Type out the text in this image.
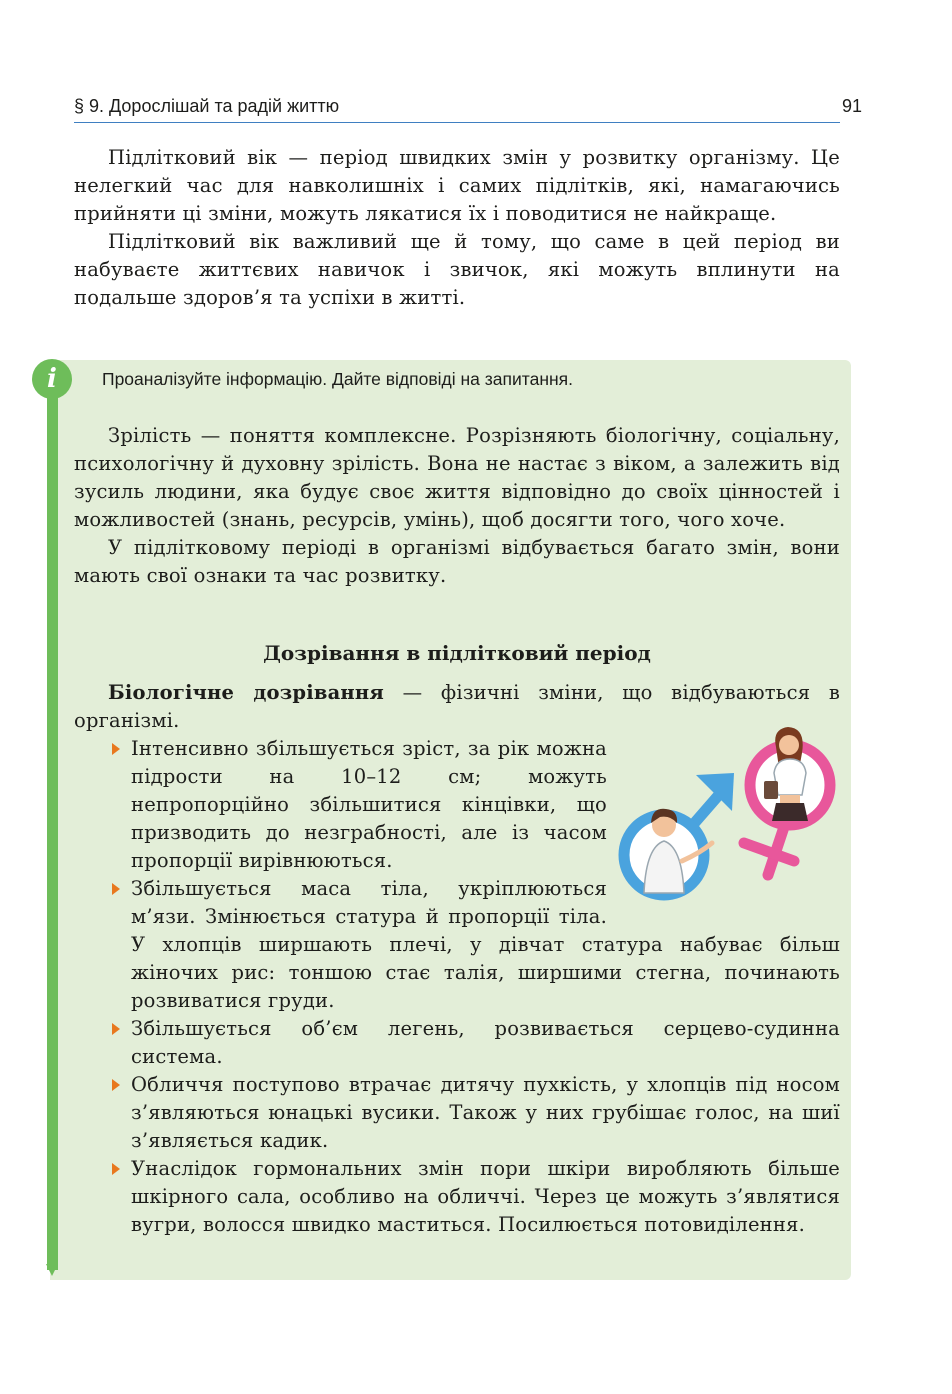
§ 9. Дорослішай та радій життю	91

Підлітковий вік — період швидких змін у розвитку організму. Це нелегкий час для навколишніх і самих підлітків, які, намагаючись прийняти ці зміни, можуть лякатися їх і поводитися не найкраще.

Підлітковий вік важливий ще й тому, що саме в цей період ви набуваєте життєвих навичок і звичок, які можуть вплинути на подальше здоров’я та успіхи в житті.

i	Проаналізуйте інформацію. Дайте відповіді на запитання.

Зрілість — поняття комплексне. Розрізняють біологічну, соціальну, психологічну й духовну зрілість. Вона не настає з віком, а залежить від зусиль людини, яка будує своє життя відповідно до своїх цінностей і можливостей (знань, ресурсів, умінь), щоб досягти того, чого хоче.

У підлітковому періоді в організмі відбувається багато змін, вони мають свої ознаки та час розвитку.

Дозрівання в підлітковий період

Біологічне дозрівання — фізичні зміни, що відбуваються в організмі.

Інтенсивно збільшується зріст, за рік можна підрости на 10–12 см; можуть непропорційно збільшитися кінцівки, що призводить до незграбності, але із часом пропорції вирівнюються.

Збільшується маса тіла, укріплюються м’язи. Змінюється статура й пропорції тіла. У хлопців ширшають плечі, у дівчат статура набуває більш жіночих рис: тоншою стає талія, ширшими стегна, починають розвиватися груди.

Збільшується об’єм легень, розвивається серцево-судинна система.

Обличчя поступово втрачає дитячу пухкість, у хлопців під носом з’являються юнацькі вусики. Також у них грубішає голос, на шиї з’являється кадик.

Унаслідок гормональних змін пори шкіри виробляють більше шкірного сала, особливо на обличчі. Через це можуть з’являтися вугри, волосся швидко маститься. Посилюється потовиділення.
